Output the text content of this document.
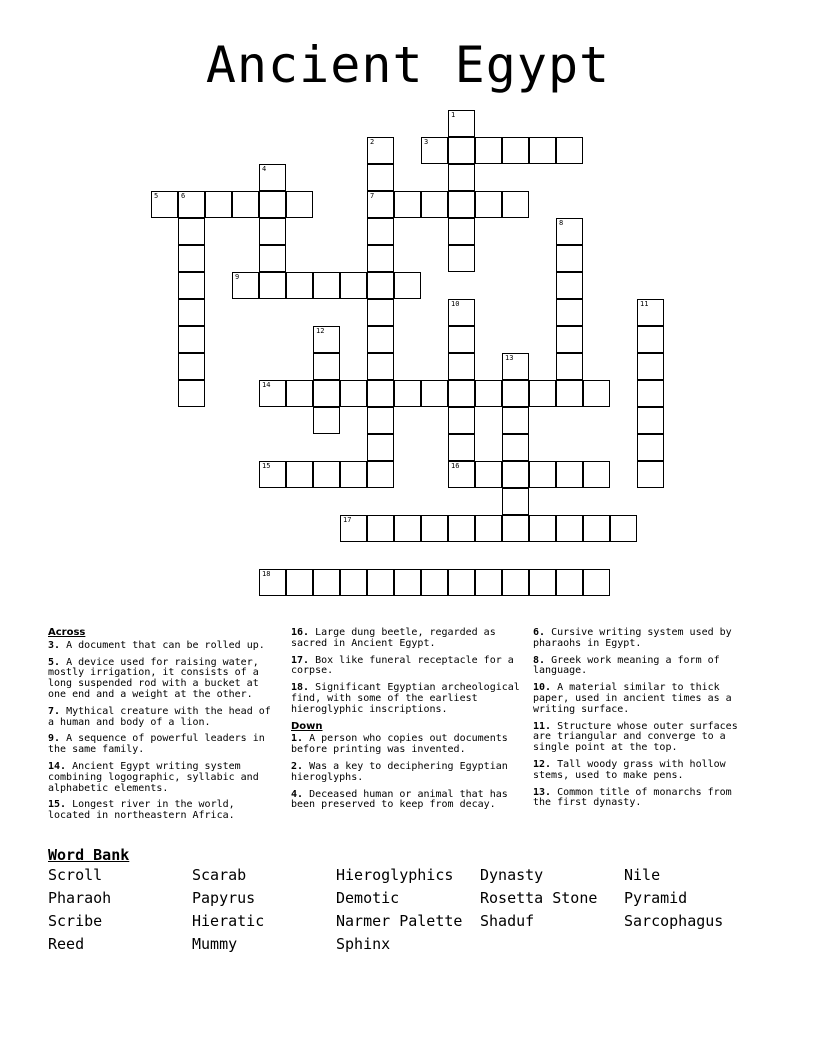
Ancient Egypt
1
2
7
3
4
5	6
8
9
10
16
11
12
13
14
15
17
18
Across
3. A document that can be rolled up.
5. A device used for raising water, mostly irrigation, it consists of a long suspended rod with a bucket at one end and a weight at the other.
7. Mythical creature with the head of a human and body of a lion.
9. A sequence of powerful leaders in the same family.
14. Ancient Egypt writing system combining logographic, syllabic and alphabetic elements.
15. Longest river in the world, located in northeastern Africa.
16. Large dung beetle, regarded as sacred in Ancient Egypt.
17. Box like funeral receptacle for a corpse.
18. Significant Egyptian archeological find, with some of the earliest hieroglyphic inscriptions.
Down
1. A person who copies out documents before printing was invented.
2. Was a key to deciphering Egyptian hieroglyphs.
4. Deceased human or animal that has been preserved to keep from decay.
6. Cursive writing system used by pharaohs in Egypt.
8. Greek work meaning a form of language.
10. A material similar to thick paper, used in ancient times as a writing surface.
11. Structure whose outer surfaces are triangular and converge to a single point at the top.
12. Tall woody grass with hollow stems, used to make pens.
13. Common title of monarchs from the first dynasty.
Word Bank
Scroll	Scarab	Hieroglyphics	Dynasty	Nile
Pharaoh	Papyrus	Demotic	Rosetta Stone	Pyramid
Scribe	Hieratic	Narmer Palette	Shaduf	Sarcophagus
Reed	Mummy	Sphinx
